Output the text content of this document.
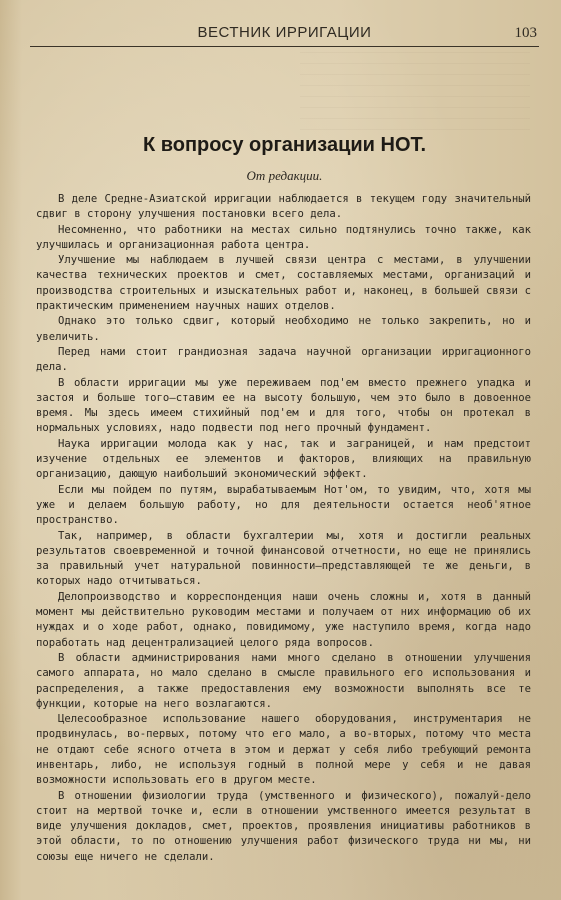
ВЕСТНИК ИРРИГАЦИИ	103
К вопросу организации НОТ.
От редакции.

В деле Средне-Азиатской ирригации наблюдается в текущем году значительный сдвиг в сторону улучшения постановки всего дела.

Несомненно, что работники на местах сильно подтянулись точно также, как улучшилась и организационная работа центра.

Улучшение мы наблюдаем в лучшей связи центра с местами, в улучшении качества технических проектов и смет, составляемых местами, организаций и производства строительных и изыскательных работ и, наконец, в большей связи с практическим применением научных наших отделов.

Однако это только сдвиг, который необходимо не только закрепить, но и увеличить.

Перед нами стоит грандиозная задача научной организации ирригационного дела.

В области ирригации мы уже переживаем под'ем вместо прежнего упадка и застоя и больше того—ставим ее на высоту большую, чем это было в довоенное время. Мы здесь имеем стихийный под'ем и для того, чтобы он протекал в нормальных условиях, надо подвести под него прочный фундамент.

Наука ирригации молода как у нас, так и заграницей, и нам предстоит изучение отдельных ее элементов и факторов, влияющих на правильную организацию, дающую наибольший экономический эффект.

Если мы пойдем по путям, вырабатываемым Нот'ом, то увидим, что, хотя мы уже и делаем большую работу, но для деятельности остается необ'ятное пространство.

Так, например, в области бухгалтерии мы, хотя и достигли реальных результатов своевременной и точной финансовой отчетности, но еще не принялись за правильный учет натуральной повинности—представляющей те же деньги, в которых надо отчитываться.

Делопроизводство и корреспонденция наши очень сложны и, хотя в данный момент мы действительно руководим местами и получаем от них информацию об их нуждах и о ходе работ, однако, повидимому, уже наступило время, когда надо поработать над децентрализацией целого ряда вопросов.

В области администрирования нами много сделано в отношении улучшения самого аппарата, но мало сделано в смысле правильного его использования и распределения, а также предоставления ему возможности выполнять все те функции, которые на него возлагаются.

Целесообразное использование нашего оборудования, инструментария не продвинулась, во-первых, потому что его мало, а во-вторых, потому что места не отдают себе ясного отчета в этом и держат у себя либо требующий ремонта инвентарь, либо, не используя годный в полной мере у себя и не давая возможности использовать его в другом месте.

В отношении физиологии труда (умственного и физического), пожалуй-дело стоит на мертвой точке и, если в отношении умственного имеется результат в виде улучшения докладов, смет, проектов, проявления инициативы работников в этой области, то по отношению улучшения работ физического труда ни мы, ни союзы еще ничего не сделали.
